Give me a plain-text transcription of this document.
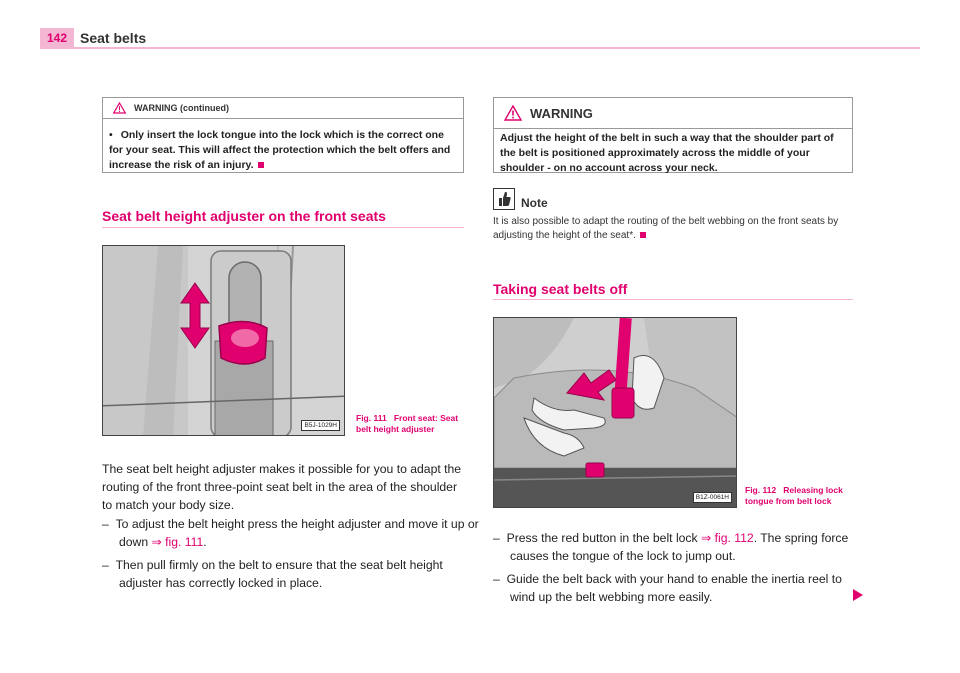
142 Seat belts
WARNING (continued)
• Only insert the lock tongue into the lock which is the correct one for your seat. This will affect the protection which the belt offers and increase the risk of an injury.
Seat belt height adjuster on the front seats
B5J-1029H
Fig. 111 Front seat: Seat belt height adjuster
The seat belt height adjuster makes it possible for you to adapt the routing of the front three-point seat belt in the area of the shoulder to match your body size.
– To adjust the belt height press the height adjuster and move it up or down ⇒ fig. 111.
– Then pull firmly on the belt to ensure that the seat belt height adjuster has correctly locked in place.
WARNING
Adjust the height of the belt in such a way that the shoulder part of the belt is positioned approximately across the middle of your shoulder - on no account across your neck.
Note
It is also possible to adapt the routing of the belt webbing on the front seats by adjusting the height of the seat*.
Taking seat belts off
B1Z-0061H
Fig. 112 Releasing lock tongue from belt lock
– Press the red button in the belt lock ⇒ fig. 112. The spring force causes the tongue of the lock to jump out.
– Guide the belt back with your hand to enable the inertia reel to wind up the belt webbing more easily.
